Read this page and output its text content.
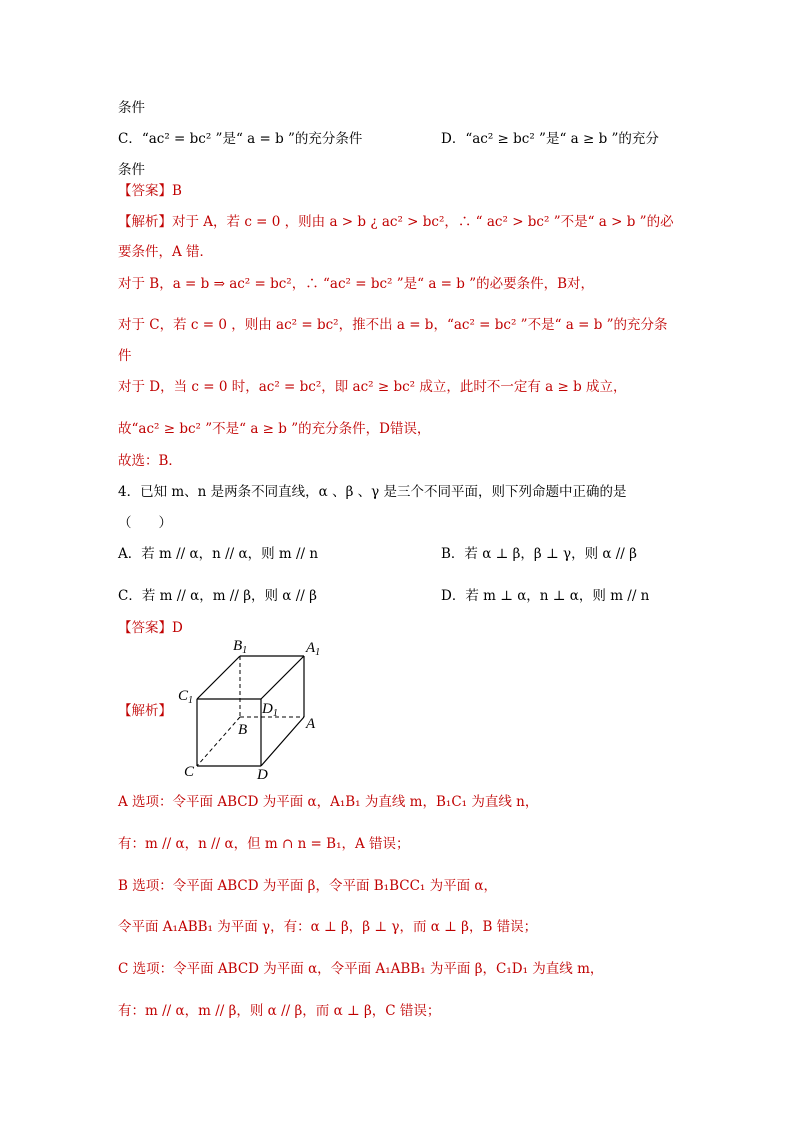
条件
C．“ac² = bc² ”是“ a = b ”的充分条件	D．“ac² ≥ bc² ”是“ a ≥ b ”的充分
条件
【答案】B
【解析】对于 A，若 c = 0 ，则由 a > b ¿ ac² > bc²，∴ “ ac² > bc² ”不是“ a > b ”的必
要条件，A 错．
对于 B，a = b ⇒ ac² = bc²，∴ “ac² = bc² ”是“ a = b ”的必要条件，B对，
对于 C，若 c = 0 ，则由 ac² = bc²，推不出 a = b，“ac² = bc² ”不是“ a = b ”的充分条
件
对于 D，当 c = 0 时，ac² = bc²，即 ac² ≥ bc² 成立，此时不一定有 a ≥ b 成立，
故“ac² ≥ bc² ”不是“ a ≥ b ”的充分条件，D错误，
故选：B．
4．已知 m、n 是两条不同直线，α 、β 、γ 是三个不同平面，则下列命题中正确的是
（　　）
A．若 m // α，n // α，则 m // n	B．若 α ⊥ β，β ⊥ γ，则 α // β
C．若 m // α，m // β，则 α // β	D．若 m ⊥ α，n ⊥ α，则 m // n
【答案】D
【解析】
$B_1$	$A_1$
$C_1$
$D_1$
B	A
C	D
A 选项：令平面 ABCD 为平面 α，A₁B₁ 为直线 m，B₁C₁ 为直线 n，
有：m // α，n // α，但 m ∩ n = B₁，A 错误；
B 选项：令平面 ABCD 为平面 β，令平面 B₁BCC₁ 为平面 α，
令平面 A₁ABB₁ 为平面 γ，有：α ⊥ β，β ⊥ γ，而 α ⊥ β，B 错误；
C 选项：令平面 ABCD 为平面 α，令平面 A₁ABB₁ 为平面 β，C₁D₁ 为直线 m，
有：m // α，m // β，则 α // β，而 α ⊥ β，C 错误；
